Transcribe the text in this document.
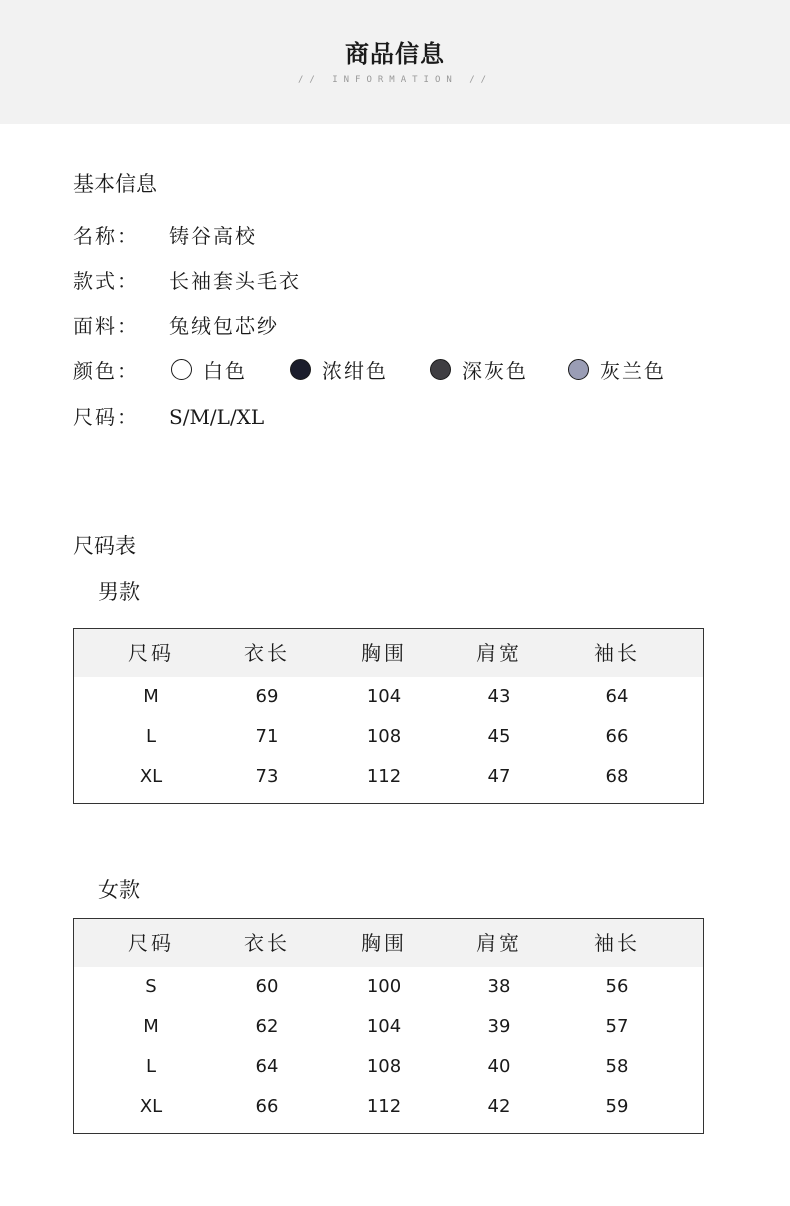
商品信息
// INFORMATION //
基本信息
名称： 铸谷高校
款式： 长袖套头毛衣
面料： 兔绒包芯纱
颜色：	白色	浓绀色	深灰色	灰兰色
尺码： S/M/L/XL
尺码表
男款
尺码	衣长	胸围	肩宽	袖长
M	69	104	43	64
L	71	108	45	66
XL	73	112	47	68
女款
尺码	衣长	胸围	肩宽	袖长
S	60	100	38	56
M	62	104	39	57
L	64	108	40	58
XL	66	112	42	59
